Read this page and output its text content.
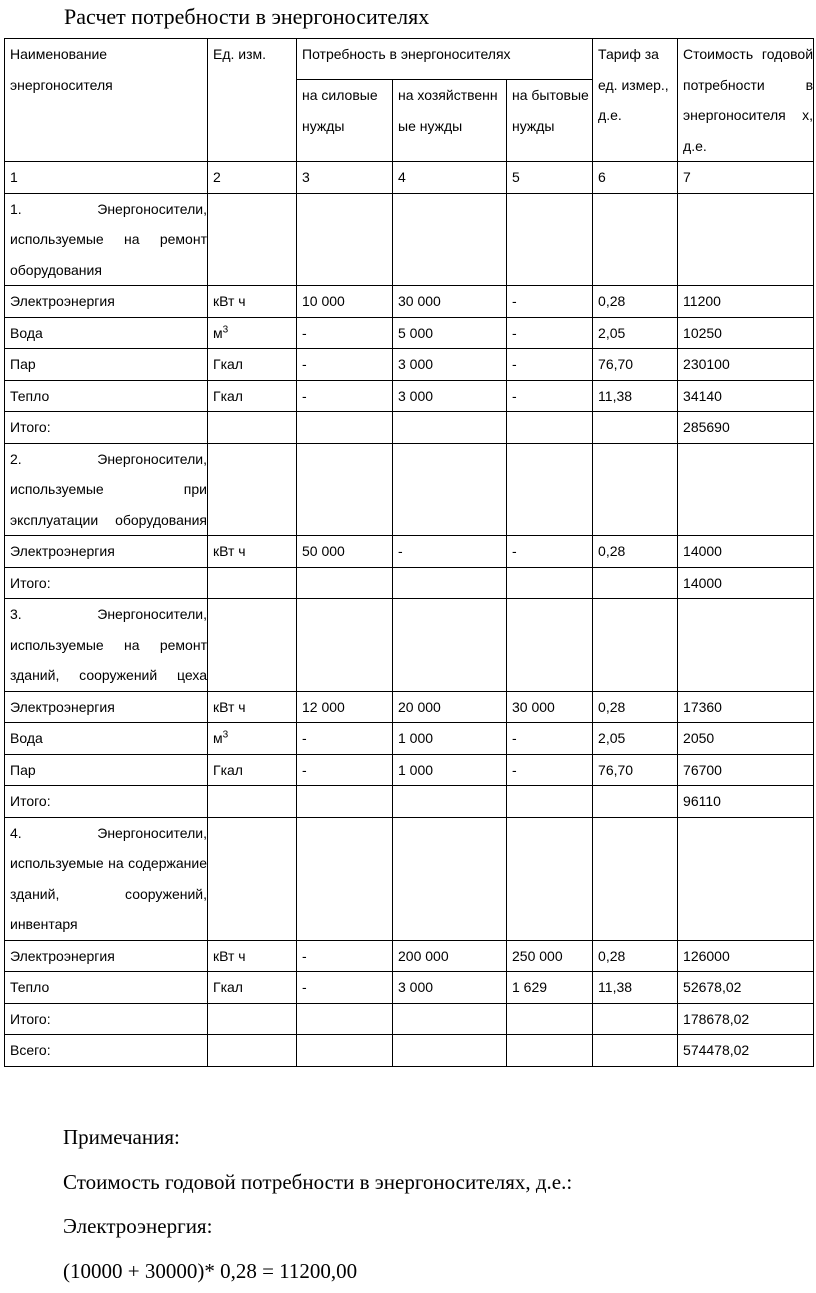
Расчет потребности в энергоносителях
Наименование энергоносителя	Ед. изм.	Потребность в энергоносителях			Тариф за ед. измер., д.е.	Стоимость годовой потребности в энергоносителя х, д.е.
		на силовые нужды	на хозяйственн ые нужды	на бытовые нужды		
1	2	3	4	5	6	7
1. Энергоносители, используемые на ремонт оборудования						
Электроэнергия	кВт ч	10 000	30 000	-	0,28	11200
Вода	$м^3$	-	5 000	-	2,05	10250
Пар	Гкал	-	3 000	-	76,70	230100
Тепло	Гкал	-	3 000	-	11,38	34140
Итого:						285690
2. Энергоносители, используемые при эксплуатации оборудования						
Электроэнергия	кВт ч	50 000	-	-	0,28	14000
Итого:						14000
3. Энергоносители, используемые на ремонт зданий, сооружений цеха						
Электроэнергия	кВт ч	12 000	20 000	30 000	0,28	17360
Вода	$м^3$	-	1 000	-	2,05	2050
Пар	Гкал	-	1 000	-	76,70	76700
Итого:						96110
4. Энергоносители, используемые на содержание зданий, сооружений, инвентаря						
Электроэнергия	кВт ч	-	200 000	250 000	0,28	126000
Тепло	Гкал	-	3 000	1 629	11,38	52678,02
Итого:						178678,02
Всего:						574478,02
Примечания:
Стоимость годовой потребности в энергоносителях, д.е.:
Электроэнергия:
(10000 + 30000)* 0,28 = 11200,00
